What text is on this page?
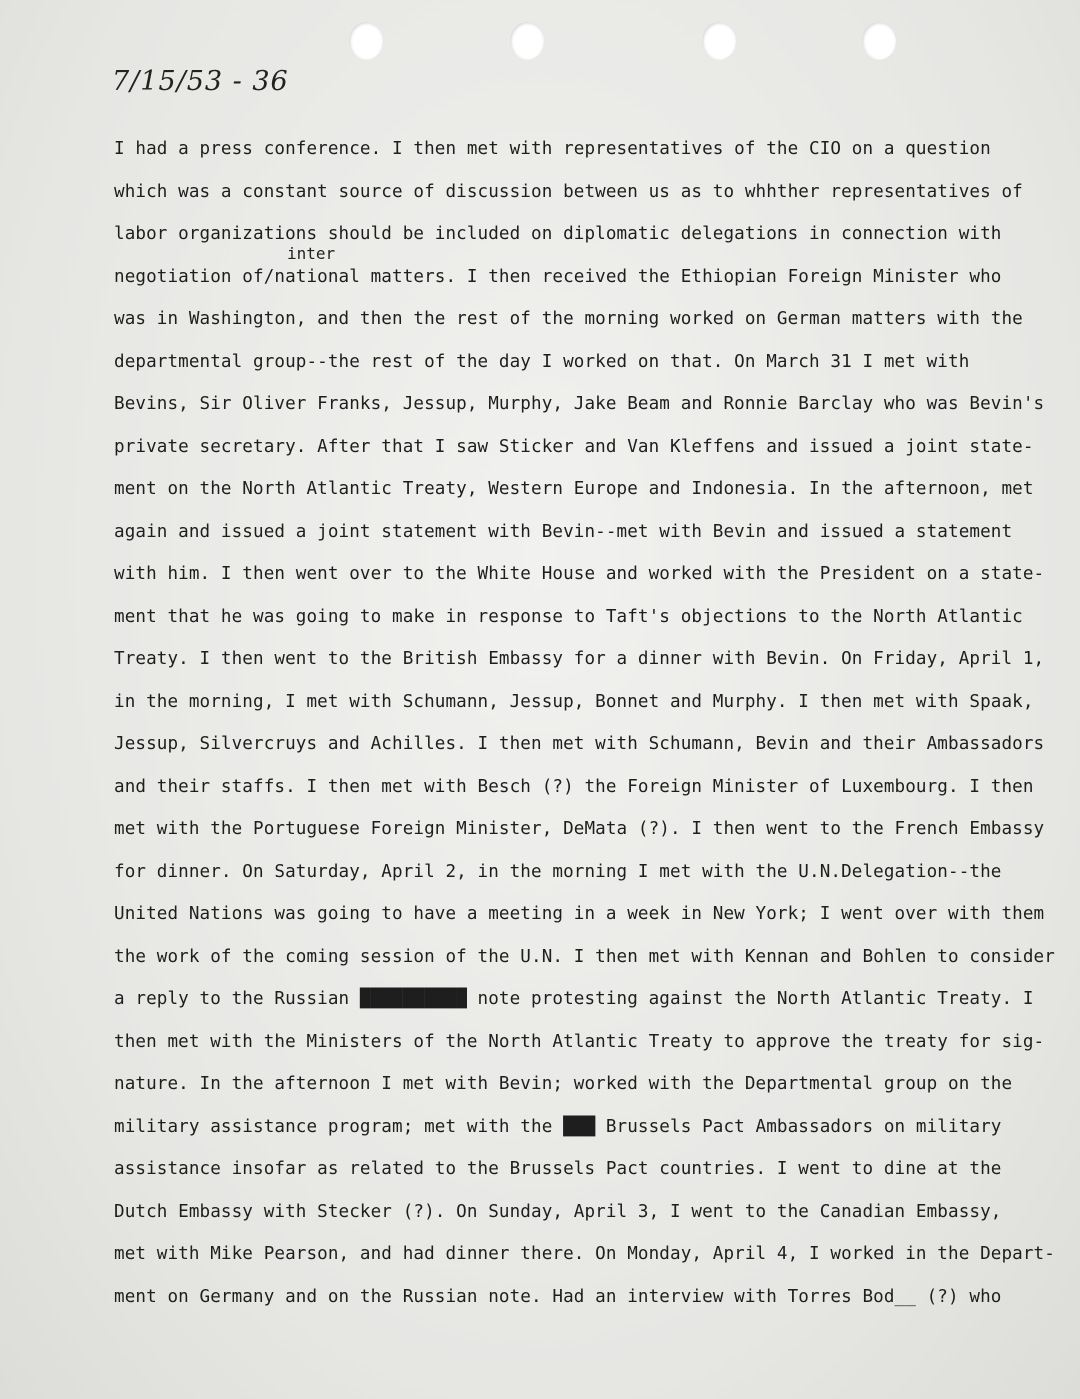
7/15/53 - 36
inter
I had a press conference. I then met with representatives of the CIO on a question
which was a constant source of discussion between us as to whhther representatives of
labor organizations should be included on diplomatic delegations in connection with
negotiation of/national matters. I then received the Ethiopian Foreign Minister who
was in Washington, and then the rest of the morning worked on German matters with the
departmental group--the rest of the day I worked on that. On March 31 I met with
Bevins, Sir Oliver Franks, Jessup, Murphy, Jake Beam and Ronnie Barclay who was Bevin's
private secretary. After that I saw Sticker and Van Kleffens and issued a joint state-
ment on the North Atlantic Treaty, Western Europe and Indonesia. In the afternoon, met
again and issued a joint statement with Bevin--met with Bevin and issued a statement
with him. I then went over to the White House and worked with the President on a state-
ment that he was going to make in response to Taft's objections to the North Atlantic
Treaty. I then went to the British Embassy for a dinner with Bevin. On Friday, April 1,
in the morning, I met with Schumann, Jessup, Bonnet and Murphy. I then met with Spaak,
Jessup, Silvercruys and Achilles. I then met with Schumann, Bevin and their Ambassadors
and their staffs. I then met with Besch (?) the Foreign Minister of Luxembourg. I then
met with the Portuguese Foreign Minister, DeMata (?). I then went to the French Embassy
for dinner. On Saturday, April 2, in the morning I met with the U.N.Delegation--the
United Nations was going to have a meeting in a week in New York; I went over with them
the work of the coming session of the U.N. I then met with Kennan and Bohlen to consider
a reply to the Russian ██████████ note protesting against the North Atlantic Treaty. I
then met with the Ministers of the North Atlantic Treaty to approve the treaty for sig-
nature. In the afternoon I met with Bevin; worked with the Departmental group on the
military assistance program; met with the ███ Brussels Pact Ambassadors on military
assistance insofar as related to the Brussels Pact countries. I went to dine at the
Dutch Embassy with Stecker (?). On Sunday, April 3, I went to the Canadian Embassy,
met with Mike Pearson, and had dinner there. On Monday, April 4, I worked in the Depart-
ment on Germany and on the Russian note. Had an interview with Torres Bod__ (?) who
